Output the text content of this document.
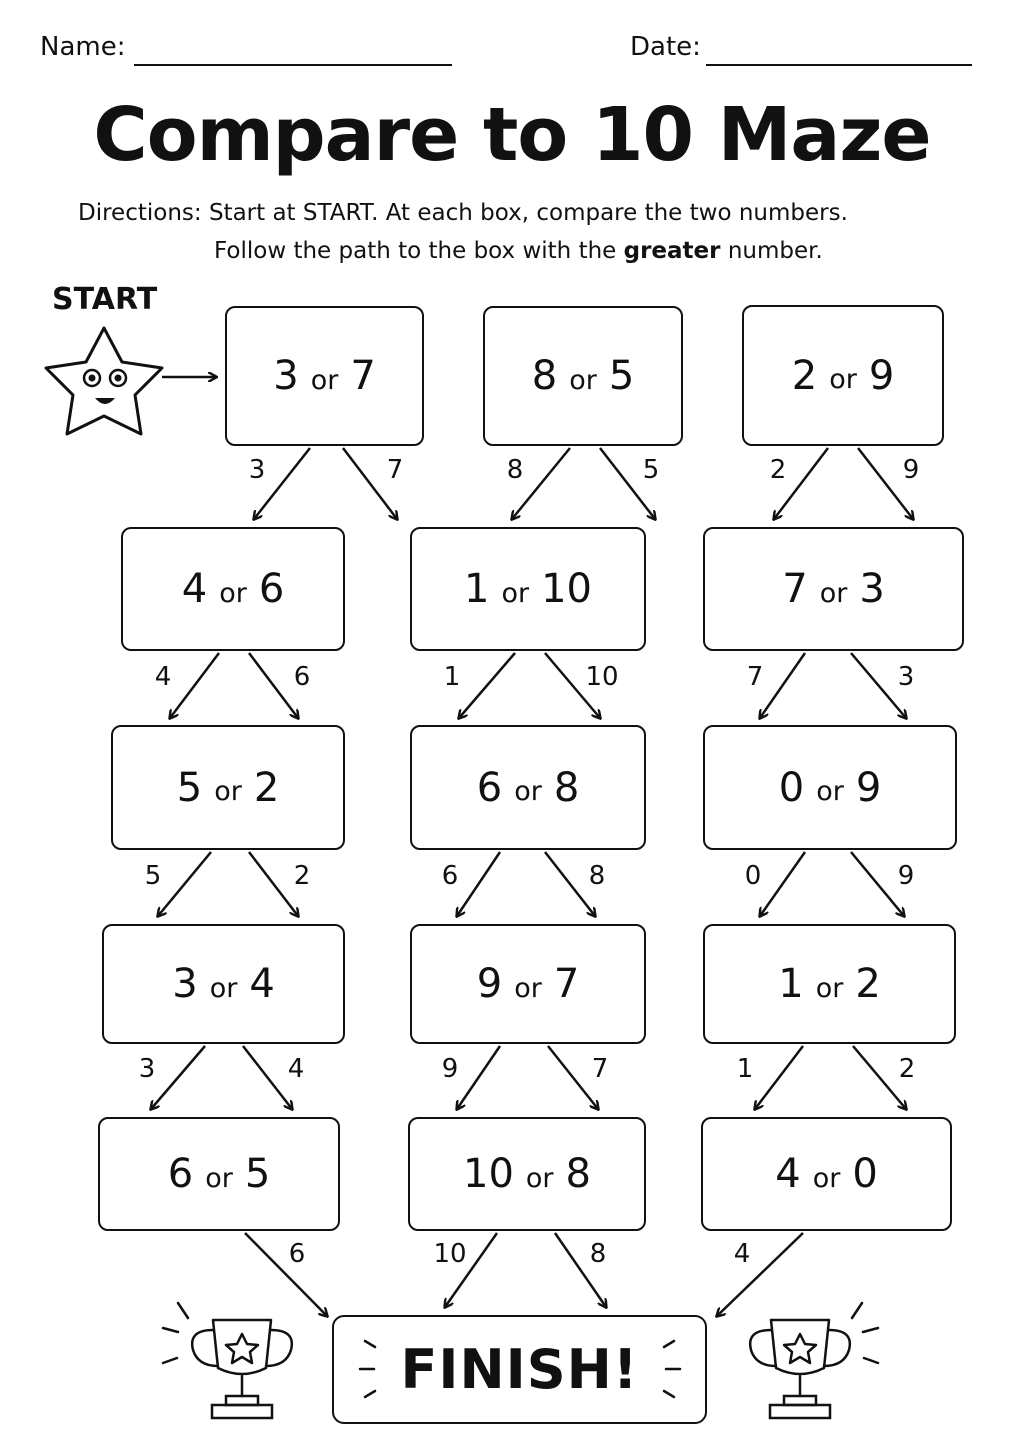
Name:	Date:
Compare to 10 Maze
Directions: Start at START. At each box, compare the two numbers.
Follow the path to the box with the greater number.
START
3 or 7	8 or 5	2 or 9
4 or 6	1 or 10	7 or 3
5 or 2	6 or 8	0 or 9
3 or 4	9 or 7	1 or 2
6 or 5	10 or 8	4 or 0
3	7	8	5	2	9
4	6	1	10	7	3
5	2	6	8	0	9
3	4	9	7	1	2
6	10	8	4
FINISH!
